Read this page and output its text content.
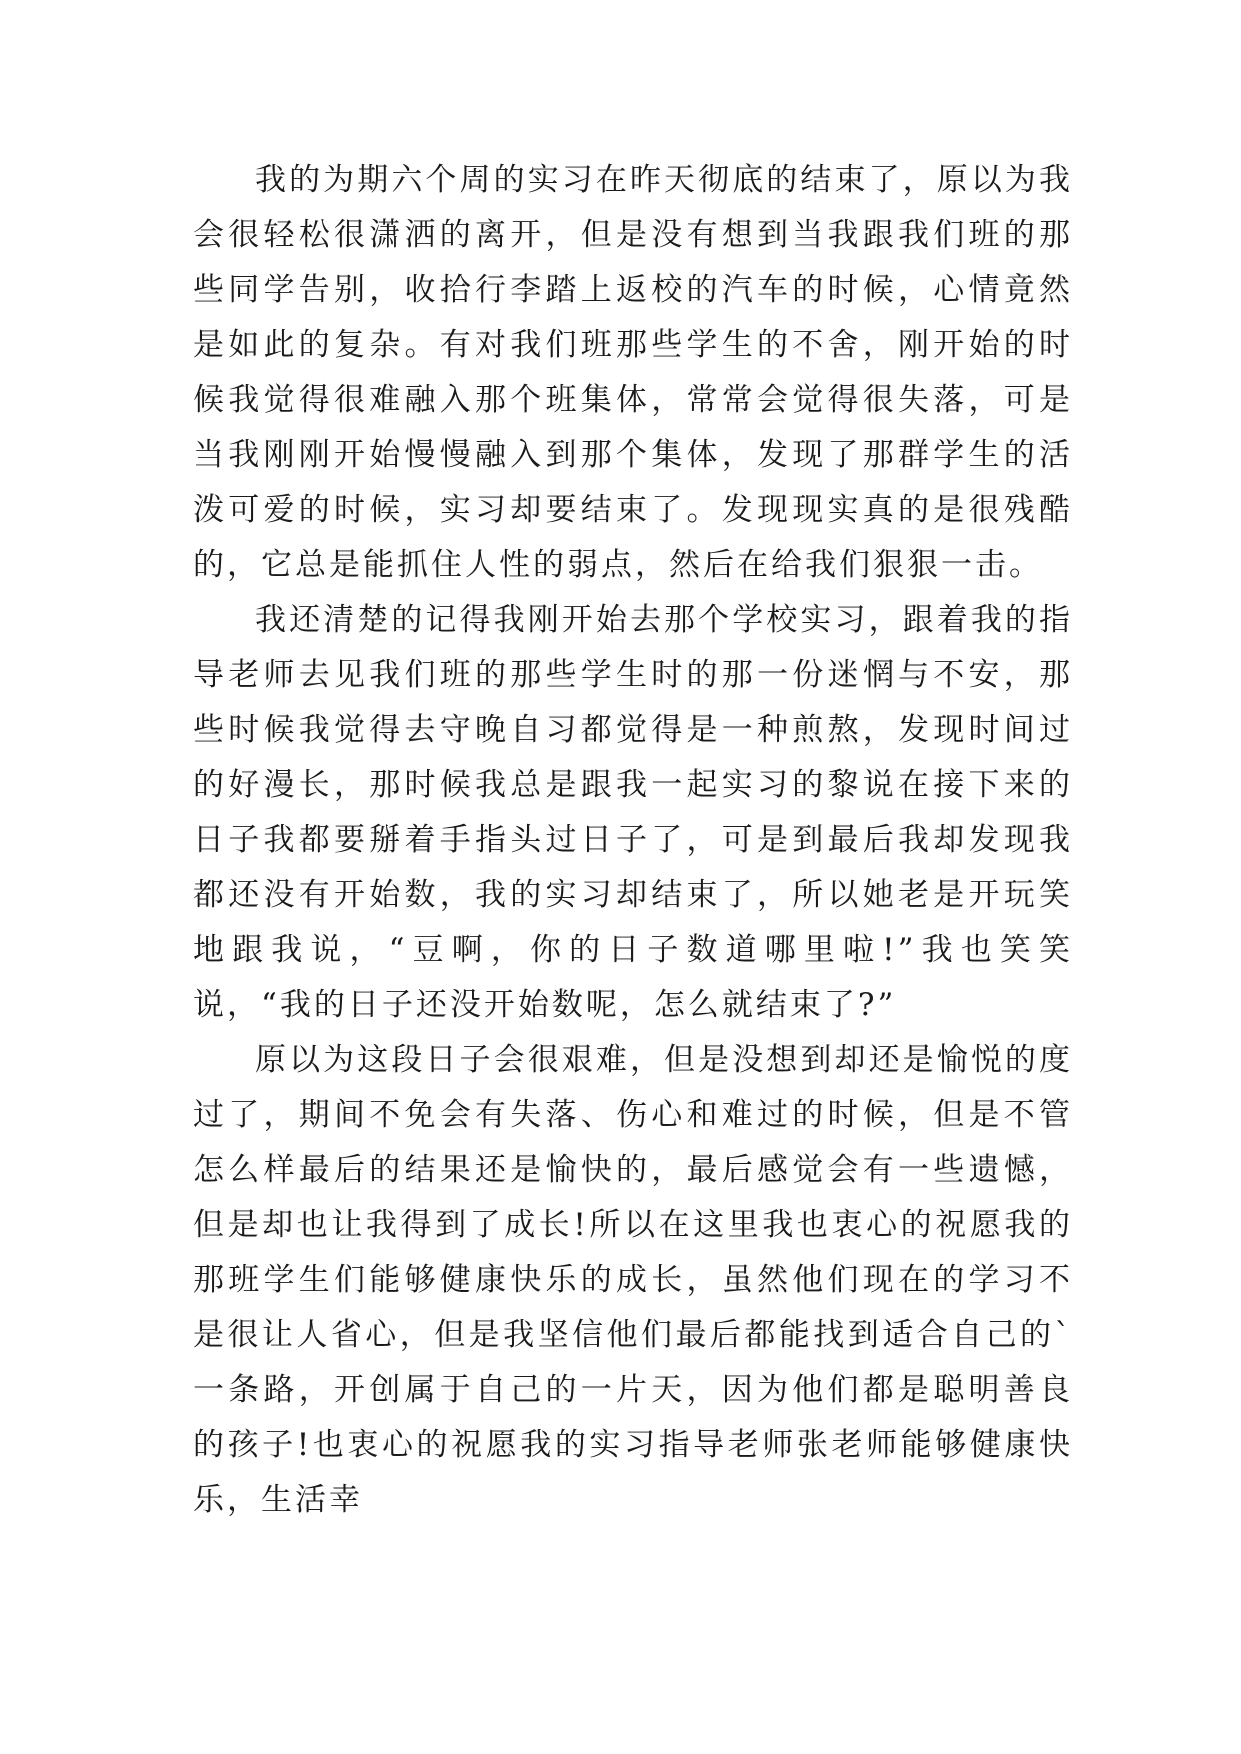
我的为期六个周的实习在昨天彻底的结束了，原以为我会很轻松很潇洒的离开，但是没有想到当我跟我们班的那些同学告别，收拾行李踏上返校的汽车的时候，心情竟然是如此的复杂。有对我们班那些学生的不舍，刚开始的时候我觉得很难融入那个班集体，常常会觉得很失落，可是当我刚刚开始慢慢融入到那个集体，发现了那群学生的活泼可爱的时候，实习却要结束了。发现现实真的是很残酷的，它总是能抓住人性的弱点，然后在给我们狠狠一击。

我还清楚的记得我刚开始去那个学校实习，跟着我的指导老师去见我们班的那些学生时的那一份迷惘与不安，那些时候我觉得去守晚自习都觉得是一种煎熬，发现时间过的好漫长，那时候我总是跟我一起实习的黎说在接下来的日子我都要掰着手指头过日子了，可是到最后我却发现我都还没有开始数，我的实习却结束了，所以她老是开玩笑地跟我说，“豆啊，你的日子数道哪里啦!”我也笑笑说，“我的日子还没开始数呢，怎么就结束了?”

原以为这段日子会很艰难，但是没想到却还是愉悦的度过了，期间不免会有失落、伤心和难过的时候，但是不管怎么样最后的结果还是愉快的，最后感觉会有一些遗憾，但是却也让我得到了成长!所以在这里我也衷心的祝愿我的那班学生们能够健康快乐的成长，虽然他们现在的学习不是很让人省心，但是我坚信他们最后都能找到适合自己的`一条路，开创属于自己的一片天，因为他们都是聪明善良的孩子!也衷心的祝愿我的实习指导老师张老师能够健康快乐，生活幸
